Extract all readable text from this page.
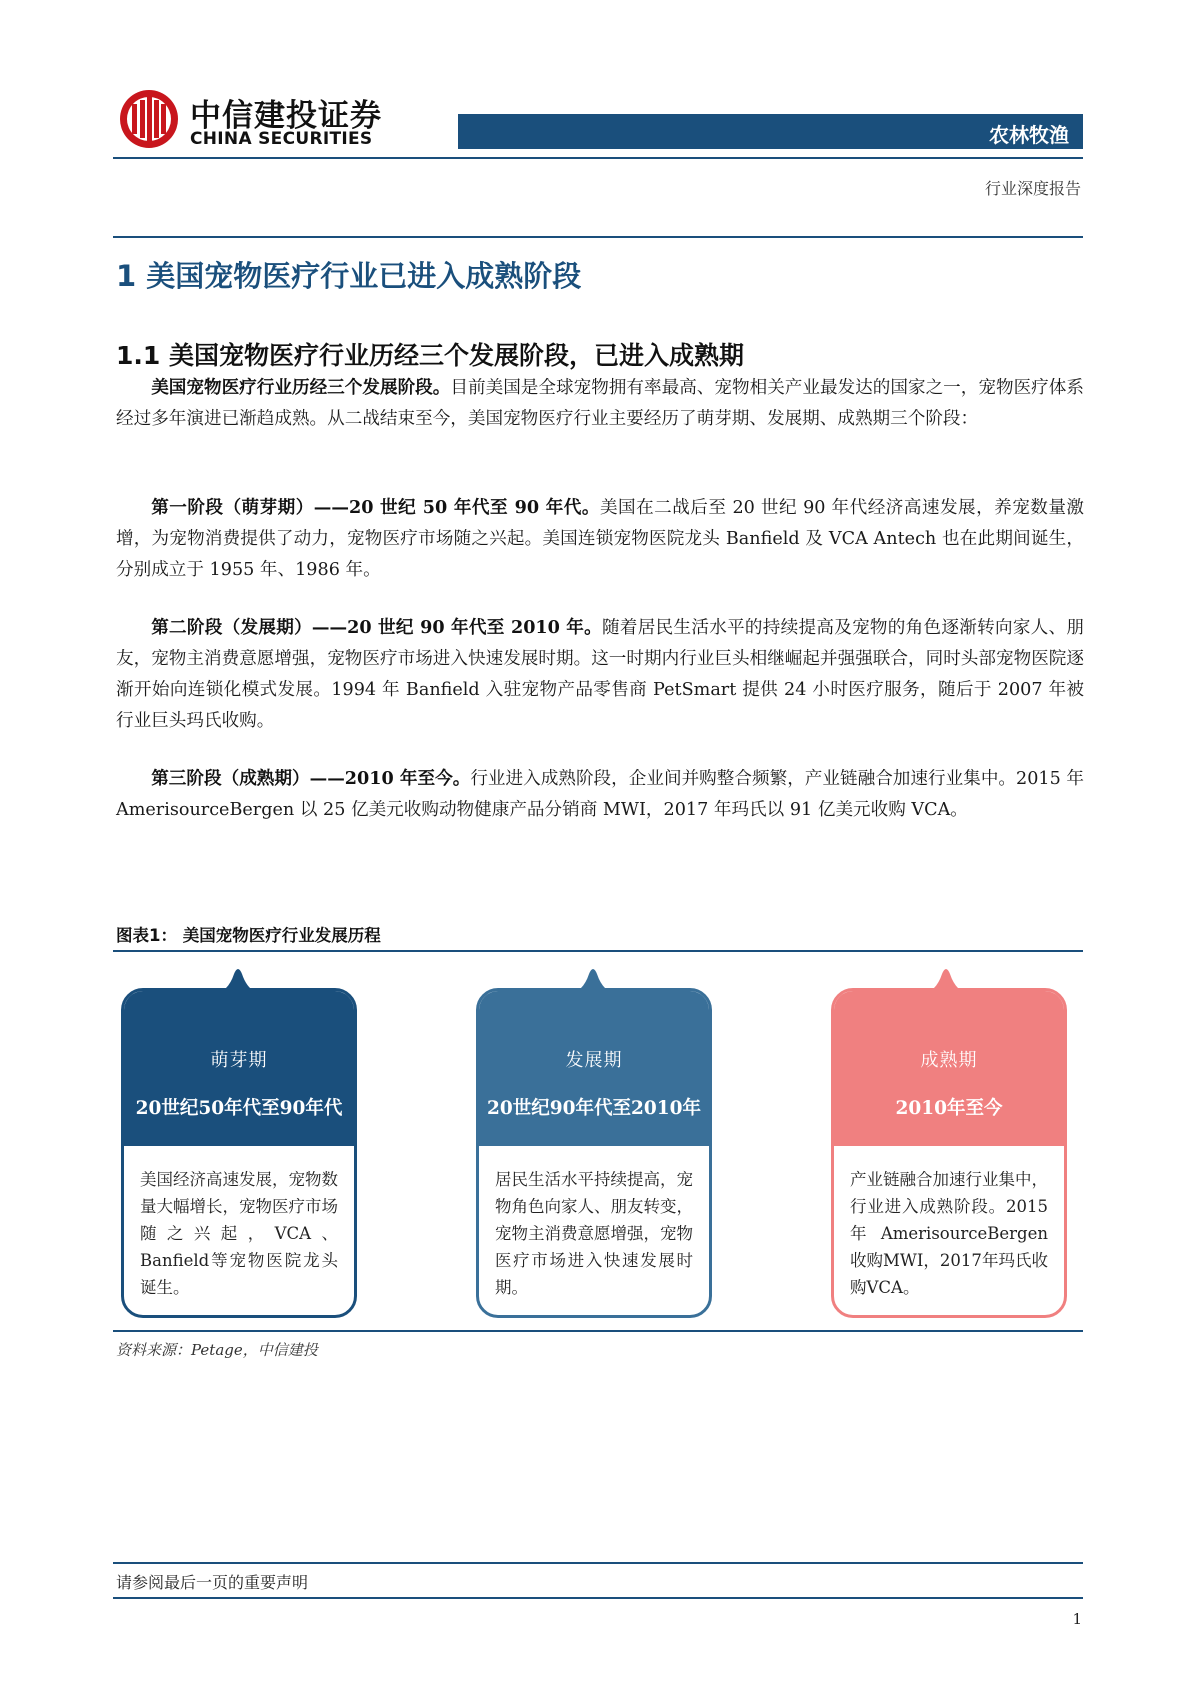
中信建投证券
CHINA SECURITIES	农林牧渔
行业深度报告
1 美国宠物医疗行业已进入成熟阶段
1.1 美国宠物医疗行业历经三个发展阶段，已进入成熟期
美国宠物医疗行业历经三个发展阶段。目前美国是全球宠物拥有率最高、宠物相关产业最发达的国家之一，宠物医疗体系经过多年演进已渐趋成熟。从二战结束至今，美国宠物医疗行业主要经历了萌芽期、发展期、成熟期三个阶段：
第一阶段（萌芽期）——20 世纪 50 年代至 90 年代。美国在二战后至 20 世纪 90 年代经济高速发展，养宠数量激增，为宠物消费提供了动力，宠物医疗市场随之兴起。美国连锁宠物医院龙头 Banfield 及 VCA Antech 也在此期间诞生，分别成立于 1955 年、1986 年。
第二阶段（发展期）——20 世纪 90 年代至 2010 年。随着居民生活水平的持续提高及宠物的角色逐渐转向家人、朋友，宠物主消费意愿增强，宠物医疗市场进入快速发展时期。这一时期内行业巨头相继崛起并强强联合，同时头部宠物医院逐渐开始向连锁化模式发展。1994 年 Banfield 入驻宠物产品零售商 PetSmart 提供 24 小时医疗服务，随后于 2007 年被行业巨头玛氏收购。
第三阶段（成熟期）——2010 年至今。行业进入成熟阶段，企业间并购整合频繁，产业链融合加速行业集中。2015 年 AmerisourceBergen 以 25 亿美元收购动物健康产品分销商 MWI，2017 年玛氏以 91 亿美元收购 VCA。
图表1： 美国宠物医疗行业发展历程
萌芽期
20世纪50年代至90年代
美国经济高速发展，宠物数量大幅增长，宠物医疗市场随之兴起，VCA、Banfield等宠物医院龙头诞生。
发展期
20世纪90年代至2010年
居民生活水平持续提高，宠物角色向家人、朋友转变，宠物主消费意愿增强，宠物医疗市场进入快速发展时期。
成熟期
2010年至今
产业链融合加速行业集中，行业进入成熟阶段。2015年AmerisourceBergen收购MWI，2017年玛氏收购VCA。
资料来源：Petage，中信建投
请参阅最后一页的重要声明
1
